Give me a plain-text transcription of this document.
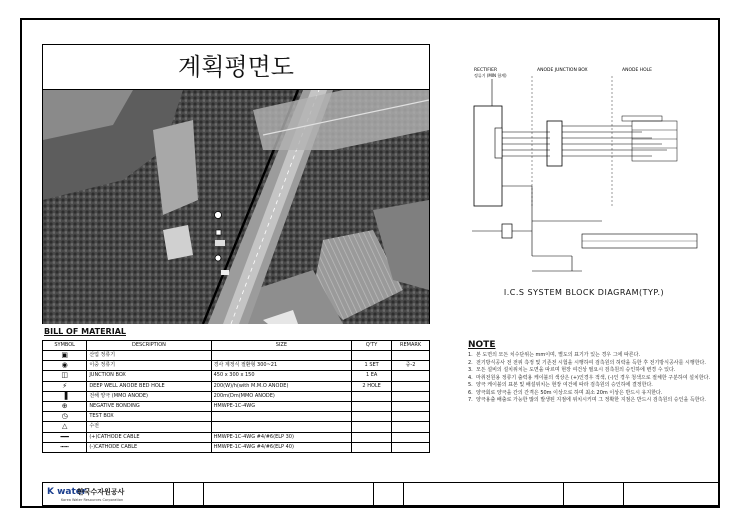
계획평면도	RECTIFIER	ANODE JUNCTION BOX	ANODE HOLE
정류기 (MIN 함계)
I.C.S SYSTEM BLOCK DIAGRAM(TYP.)
BILL OF MATERIAL
SYMBOL	DESCRIPTION	SIZE	Q'TY	REMARK
▣	산업 정류기			
◉	이중 정류기	경사 계정식 절환형 300~21	1 SET	중-2
◫	JUNCTION BOX	450 x 300 x 150	1 EA	
⚡	DEEP WELL ANODE BED HOLE	200(W)/h(with M.M.O ANODE)	2 HOLE	
▐	전해 양극 (MMO ANODE)	200m(Dm(MMO ANODE)		
⊕	NEGATIVE BONDING	HMWPE-1C-4WG		
◷	TEST BOX			
△	수전			
━━	(+)CATHODE CABLE	HMWPE-1C-4WG #4/#6(ELP 30)		
┅┅	(-)CATHODE CABLE	HMWPE-1C-4WG #4/#6(ELP 40)		
NOTE
1. 본 도면의 모든 치수단위는 mm이며, 별도의 표기가 있는 경우 그에 따른다.
2. 전기방식공사 전 전위 측정 및 기존전 시험을 시행하여 검측원의 허락을 득한 후 전기방식공사를 시행한다.
3. 모든 설비의 설치위치는 도면을 따르며 현장 여건상 필요시 검측원의 승인하에 변경 수 있다.
4. 마취전원용 정류기 출력용 케이블의 색상은 (+)인경우 적색, (-)인 경우 청색으로 절체한 구분하여 설치한다.
5. 양극 케이블의 표본 및 배설위치는 현장 여건에 따라 검측원의 승인하에 결정한다.
6. 양극회로 양극을 간의 간격은 50m 이상으로 하며 최소 20m 이상은 반드시 유지한다.
7. 양극용출 배출로 가능한 많의 발생된 지점에 위치시키며 그 정확한 지점은 반드시 검측원의 승인을 득한다.
K water
한국수자원공사
Korea Water Resources Corporation
